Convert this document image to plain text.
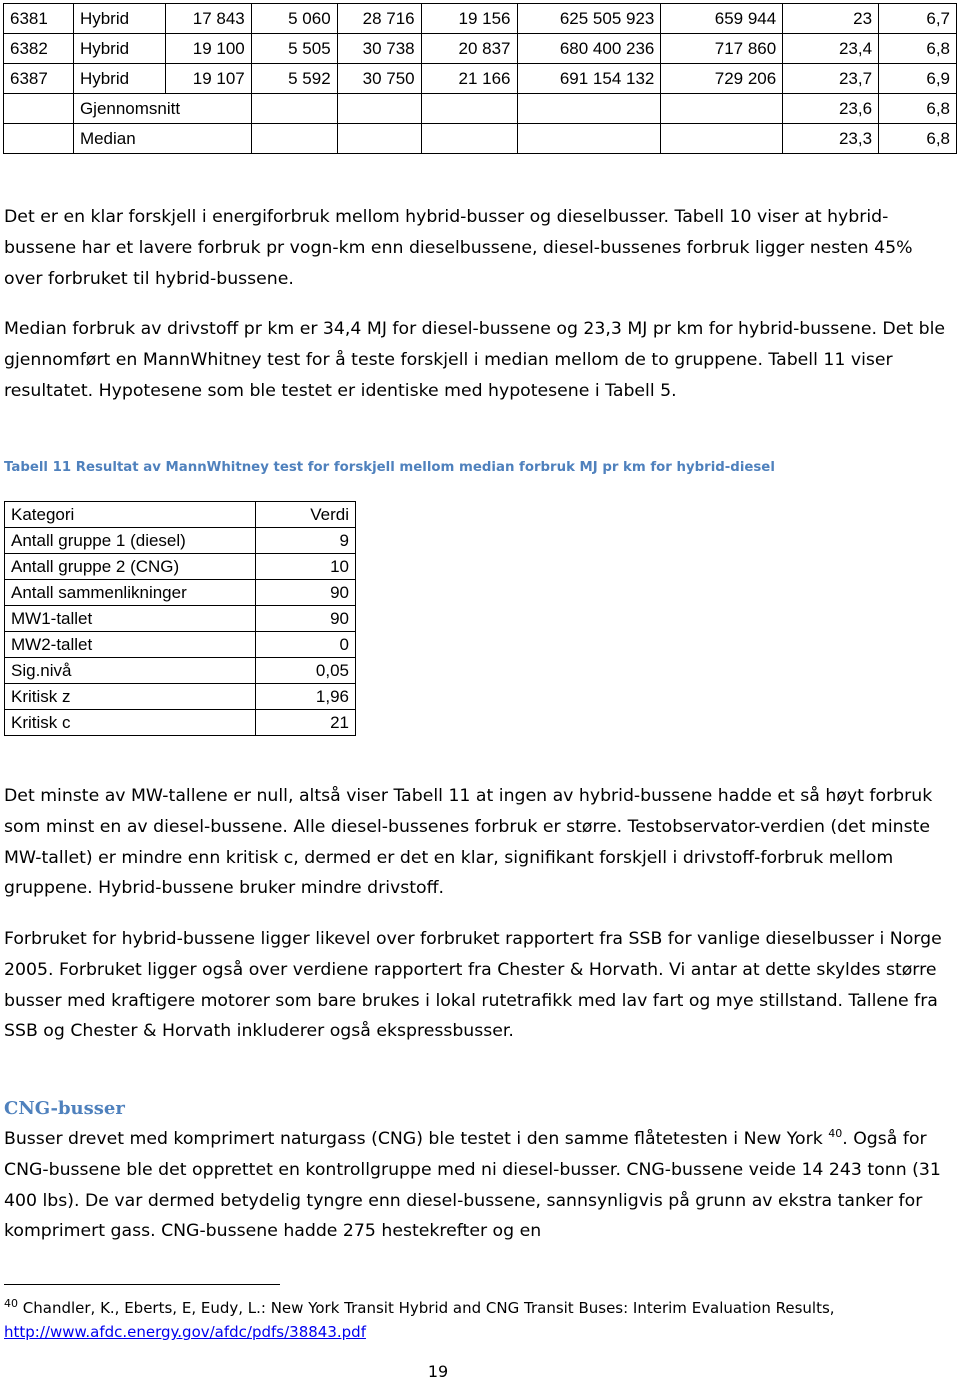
6381	Hybrid	17 843	5 060	28 716	19 156	625 505 923	659 944	23	6,7
6382	Hybrid	19 100	5 505	30 738	20 837	680 400 236	717 860	23,4	6,8
6387	Hybrid	19 107	5 592	30 750	21 166	691 154 132	729 206	23,7	6,9
	Gjennomsnitt							23,6	6,8
	Median							23,3	6,8

Det er en klar forskjell i energiforbruk mellom hybrid-busser og dieselbusser. Tabell 10 viser at hybrid-bussene har et lavere forbruk pr vogn-km enn dieselbussene, diesel-bussenes forbruk ligger nesten 45% over forbruket til hybrid-bussene.

Median forbruk av drivstoff pr km er 34,4 MJ for diesel-bussene og 23,3 MJ pr km for hybrid-bussene. Det ble gjennomført en MannWhitney test for å teste forskjell i median mellom de to gruppene. Tabell 11 viser resultatet. Hypotesene som ble testet er identiske med hypotesene i Tabell 5.

Tabell 11 Resultat av MannWhitney test for forskjell mellom median forbruk MJ pr km for hybrid-diesel

Kategori	Verdi
Antall gruppe 1 (diesel)	9
Antall gruppe 2 (CNG)	10
Antall sammenlikninger	90
MW1-tallet	90
MW2-tallet	0
Sig.nivå	0,05
Kritisk z	1,96
Kritisk c	21

Det minste av MW-tallene er null, altså viser Tabell 11 at ingen av hybrid-bussene hadde et så høyt forbruk som minst en av diesel-bussene. Alle diesel-bussenes forbruk er større. Testobservator-verdien (det minste MW-tallet) er mindre enn kritisk c, dermed er det en klar, signifikant forskjell i drivstoff-forbruk mellom gruppene. Hybrid-bussene bruker mindre drivstoff.

Forbruket for hybrid-bussene ligger likevel over forbruket rapportert fra SSB for vanlige dieselbusser i Norge 2005. Forbruket ligger også over verdiene rapportert fra Chester & Horvath. Vi antar at dette skyldes større busser med kraftigere motorer som bare brukes i lokal rutetrafikk med lav fart og mye stillstand. Tallene fra SSB og Chester & Horvath inkluderer også ekspressbusser.

CNG-busser

Busser drevet med komprimert naturgass (CNG) ble testet i den samme flåtetesten i New York $^{40}$. Også for CNG-bussene ble det opprettet en kontrollgruppe med ni diesel-busser. CNG-bussene veide 14 243 tonn (31 400 lbs). De var dermed betydelig tyngre enn diesel-bussene, sannsynligvis på grunn av ekstra tanker for komprimert gass. CNG-bussene hadde 275 hestekrefter og en

$^{40}$ Chandler, K., Eberts, E, Eudy, L.: New York Transit Hybrid and CNG Transit Buses: Interim Evaluation Results,
http://www.afdc.energy.gov/afdc/pdfs/38843.pdf

19
